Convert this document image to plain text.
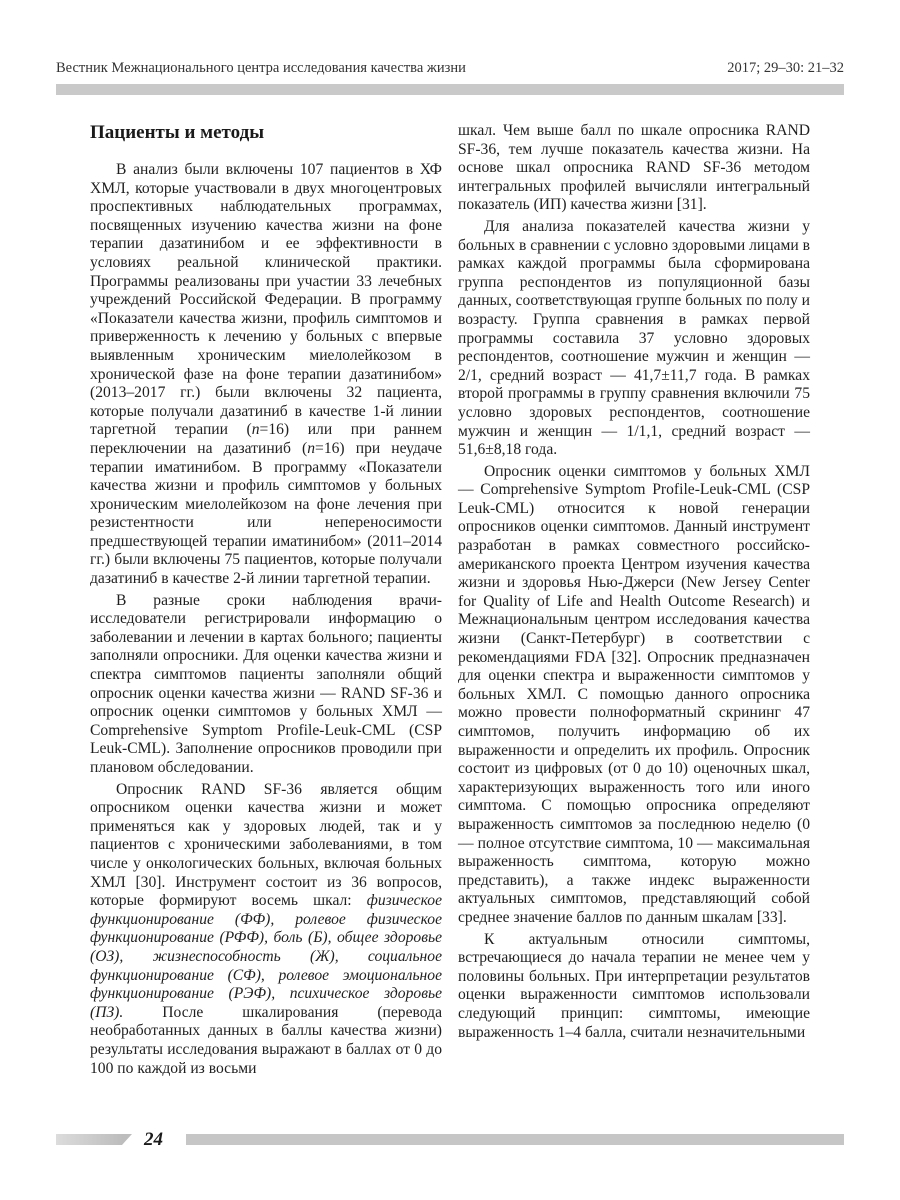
Вестник Межнационального центра исследования качества жизни	2017; 29–30: 21–32
Пациенты и методы

В анализ были включены 107 пациентов в ХФ ХМЛ, которые участвовали в двух многоцентровых проспективных наблюдательных программах, посвященных изучению качества жизни на фоне терапии дазатинибом и ее эффективности в условиях реальной клинической практики. Программы реализованы при участии 33 лечебных учреждений Российской Федерации. В программу «Показатели качества жизни, профиль симптомов и приверженность к лечению у больных с впервые выявленным хроническим миелолейкозом в хронической фазе на фоне терапии дазатинибом» (2013–2017 гг.) были включены 32 пациента, которые получали дазатиниб в качестве 1-й линии таргетной терапии (n=16) или при раннем переключении на дазатиниб (n=16) при неудаче терапии иматинибом. В программу «Показатели качества жизни и профиль симптомов у больных хроническим миелолейкозом на фоне лечения при резистентности или непереносимости предшествующей терапии иматинибом» (2011–2014 гг.) были включены 75 пациентов, которые получали дазатиниб в качестве 2-й линии таргетной терапии.

В разные сроки наблюдения врачи-исследователи регистрировали информацию о заболевании и лечении в картах больного; пациенты заполняли опросники. Для оценки качества жизни и спектра симптомов пациенты заполняли общий опросник оценки качества жизни — RAND SF-36 и опросник оценки симптомов у больных ХМЛ — Comprehensive Symptom Profile-Leuk-CML (CSP Leuk-CML). Заполнение опросников проводили при плановом обследовании.

Опросник RAND SF-36 является общим опросником оценки качества жизни и может применяться как у здоровых людей, так и у пациентов с хроническими заболеваниями, в том числе у онкологических больных, включая больных ХМЛ [30]. Инструмент состоит из 36 вопросов, которые формируют восемь шкал: физическое функционирование (ФФ), ролевое физическое функционирование (РФФ), боль (Б), общее здоровье (ОЗ), жизнеспособность (Ж), социальное функционирование (СФ), ролевое эмоциональное функционирование (РЭФ), психическое здоровье (ПЗ). После шкалирования (перевода необработанных данных в баллы качества жизни) результаты исследования выражают в баллах от 0 до 100 по каждой из восьми

шкал. Чем выше балл по шкале опросника RAND SF-36, тем лучше показатель качества жизни. На основе шкал опросника RAND SF-36 методом интегральных профилей вычисляли интегральный показатель (ИП) качества жизни [31].

Для анализа показателей качества жизни у больных в сравнении с условно здоровыми лицами в рамках каждой программы была сформирована группа респондентов из популяционной базы данных, соответствующая группе больных по полу и возрасту. Группа сравнения в рамках первой программы составила 37 условно здоровых респондентов, соотношение мужчин и женщин — 2/1, средний возраст — 41,7±11,7 года. В рамках второй программы в группу сравнения включили 75 условно здоровых респондентов, соотношение мужчин и женщин — 1/1,1, средний возраст — 51,6±8,18 года.

Опросник оценки симптомов у больных ХМЛ — Comprehensive Symptom Profile-Leuk-CML (CSP Leuk-CML) относится к новой генерации опросников оценки симптомов. Данный инструмент разработан в рамках совместного российско-американского проекта Центром изучения качества жизни и здоровья Нью-Джерси (New Jersey Center for Quality of Life and Health Outcome Research) и Межнациональным центром исследования качества жизни (Санкт-Петербург) в соответствии с рекомендациями FDA [32]. Опросник предназначен для оценки спектра и выраженности симптомов у больных ХМЛ. С помощью данного опросника можно провести полноформатный скрининг 47 симптомов, получить информацию об их выраженности и определить их профиль. Опросник состоит из цифровых (от 0 до 10) оценочных шкал, характеризующих выраженность того или иного симптома. С помощью опросника определяют выраженность симптомов за последнюю неделю (0 — полное отсутствие симптома, 10 — максимальная выраженность симптома, которую можно представить), а также индекс выраженности актуальных симптомов, представляющий собой среднее значение баллов по данным шкалам [33].

К актуальным относили симптомы, встречающиеся до начала терапии не менее чем у половины больных. При интерпретации результатов оценки выраженности симптомов использовали следующий принцип: симптомы, имеющие выраженность 1–4 балла, считали незначительными

24
